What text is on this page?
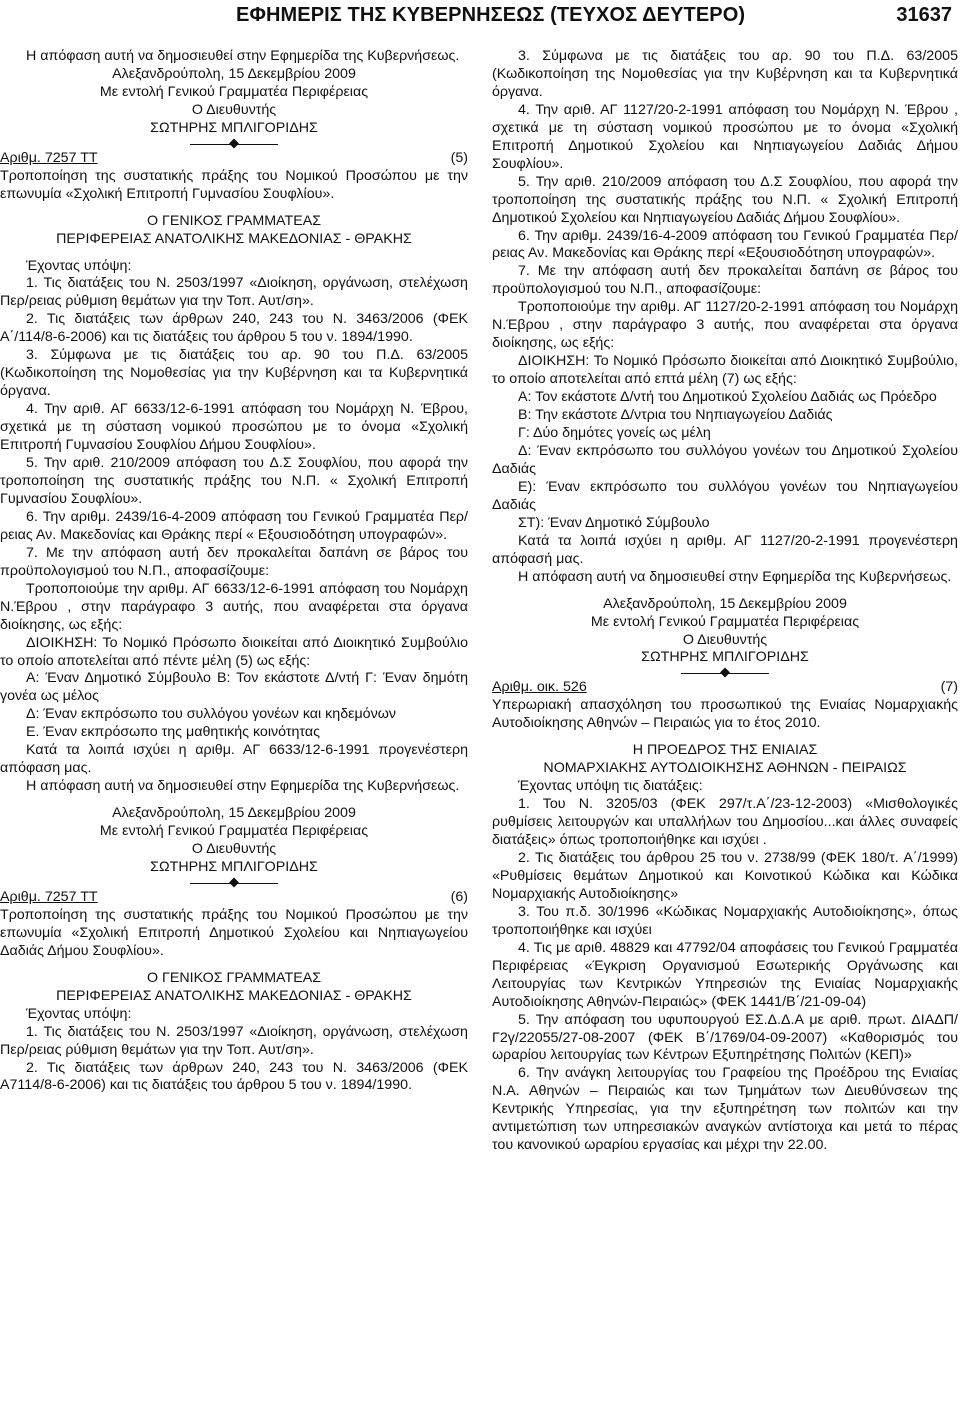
ΕΦΗΜΕΡΙΣ ΤΗΣ ΚΥΒΕΡΝΗΣΕΩΣ (ΤΕΥΧΟΣ ΔΕΥΤΕΡΟ)	31637

Η απόφαση αυτή να δημοσιευθεί στην Εφημερίδα της Κυβερνήσεως.

Αλεξανδρούπολη, 15 Δεκεμβρίου 2009

Με εντολή Γενικού Γραμματέα Περιφέρειας

Ο Διευθυντής

ΣΩΤΗΡΗΣ ΜΠΛΙΓΟΡΙΔΗΣ

Αριθμ. 7257 ΤΤ	(5)

Τροποποίηση της συστατικής πράξης του Νομικού Προσώπου με την επωνυμία «Σχολική Επιτροπή Γυμνασίου Σουφλίου».

Ο ΓΕΝΙΚΟΣ ΓΡΑΜΜΑΤΕΑΣ

ΠΕΡΙΦΕΡΕΙΑΣ ΑΝΑΤΟΛΙΚΗΣ ΜΑΚΕΔΟΝΙΑΣ - ΘΡΑΚΗΣ

Έχοντας υπόψη:

1. Τις διατάξεις του Ν. 2503/1997 «Διοίκηση, οργάνωση, στελέχωση Περ/ρειας ρύθμιση θεμάτων για την Τοπ. Αυτ/ση».

2. Τις διατάξεις των άρθρων 240, 243 του Ν. 3463/2006 (ΦΕΚ Α΄/114/8-6-2006) και τις διατάξεις του άρθρου 5 του ν. 1894/1990.

3. Σύμφωνα με τις διατάξεις του αρ. 90 του Π.Δ. 63/2005 (Κωδικοποίηση της Νομοθεσίας για την Κυβέρνηση και τα Κυβερνητικά όργανα.

4. Την αριθ. ΑΓ 6633/12-6-1991 απόφαση του Νομάρχη Ν. Έβρου, σχετικά με τη σύσταση νομικού προσώπου με το όνομα «Σχολική Επιτροπή Γυμνασίου Σουφλίου Δήμου Σουφλίου».

5. Την αριθ. 210/2009 απόφαση του Δ.Σ Σουφλίου, που αφορά την τροποποίηση της συστατικής πράξης του Ν.Π. « Σχολική Επιτροπή Γυμνασίου Σουφλίου».

6. Την αριθμ. 2439/16-4-2009 απόφαση του Γενικού Γραμματέα Περ/ρειας Αν. Μακεδονίας και Θράκης περί « Εξουσιοδότηση υπογραφών».

7. Με την απόφαση αυτή δεν προκαλείται δαπάνη σε βάρος του προϋπολογισμού του Ν.Π., αποφασίζουμε:

Τροποποιούμε την αριθμ. ΑΓ 6633/12-6-1991 απόφαση του Νομάρχη Ν.Έβρου , στην παράγραφο 3 αυτής, που αναφέρεται στα όργανα διοίκησης, ως εξής:

ΔΙΟΙΚΗΣΗ: Το Νομικό Πρόσωπο διοικείται από Διοικητικό Συμβούλιο το οποίο αποτελείται από πέντε μέλη (5) ως εξής:

Α: Έναν Δημοτικό Σύμβουλο Β: Τον εκάστοτε Δ/ντή Γ: Έναν δημότη γονέα ως μέλος

Δ: Έναν εκπρόσωπο του συλλόγου γονέων και κηδεμόνων

Ε. Έναν εκπρόσωπο της μαθητικής κοινότητας

Κατά τα λοιπά ισχύει η αριθμ. ΑΓ 6633/12-6-1991 προγενέστερη απόφαση μας.

Η απόφαση αυτή να δημοσιευθεί στην Εφημερίδα της Κυβερνήσεως.

Αλεξανδρούπολη, 15 Δεκεμβρίου 2009

Με εντολή Γενικού Γραμματέα Περιφέρειας

Ο Διευθυντής

ΣΩΤΗΡΗΣ ΜΠΛΙΓΟΡΙΔΗΣ

Αριθμ. 7257 ΤΤ	(6)

Τροποποίηση της συστατικής πράξης του Νομικού Προσώπου με την επωνυμία «Σχολική Επιτροπή Δημοτικού Σχολείου και Νηπιαγωγείου Δαδιάς Δήμου Σουφλίου».

Ο ΓΕΝΙΚΟΣ ΓΡΑΜΜΑΤΕΑΣ

ΠΕΡΙΦΕΡΕΙΑΣ ΑΝΑΤΟΛΙΚΗΣ ΜΑΚΕΔΟΝΙΑΣ - ΘΡΑΚΗΣ

Έχοντας υπόψη:

1. Τις διατάξεις του Ν. 2503/1997 «Διοίκηση, οργάνωση, στελέχωση Περ/ρειας ρύθμιση θεμάτων για την Τοπ. Αυτ/ση».

2. Τις διατάξεις των άρθρων 240, 243 του Ν. 3463/2006 (ΦΕΚ Α7114/8-6-2006) και τις διατάξεις του άρθρου 5 του ν. 1894/1990.

3. Σύμφωνα με τις διατάξεις του αρ. 90 του Π.Δ. 63/2005 (Κωδικοποίηση της Νομοθεσίας για την Κυβέρνηση και τα Κυβερνητικά όργανα.

4. Την αριθ. ΑΓ 1127/20-2-1991 απόφαση του Νομάρχη Ν. Έβρου , σχετικά με τη σύσταση νομικού προσώπου με το όνομα «Σχολική Επιτροπή Δημοτικού Σχολείου και Νηπιαγωγείου Δαδιάς Δήμου Σουφλίου».

5. Την αριθ. 210/2009 απόφαση του Δ.Σ Σουφλίου, που αφορά την τροποποίηση της συστατικής πράξης του Ν.Π. « Σχολική Επιτροπή Δημοτικού Σχολείου και Νηπιαγωγείου Δαδιάς Δήμου Σουφλίου».

6. Την αριθμ. 2439/16-4-2009 απόφαση του Γενικού Γραμματέα Περ/ρειας Αν. Μακεδονίας και Θράκης περί «Εξουσιοδότηση υπογραφών».

7. Με την απόφαση αυτή δεν προκαλείται δαπάνη σε βάρος του προϋπολογισμού του Ν.Π., αποφασίζουμε:

Τροποποιούμε την αριθμ. ΑΓ 1127/20-2-1991 απόφαση του Νομάρχη Ν.Έβρου , στην παράγραφο 3 αυτής, που αναφέρεται στα όργανα διοίκησης, ως εξής:

ΔΙΟΙΚΗΣΗ: Το Νομικό Πρόσωπο διοικείται από Διοικητικό Συμβούλιο, το οποίο αποτελείται από επτά μέλη (7) ως εξής:

Α: Τον εκάστοτε Δ/ντή του Δημοτικού Σχολείου Δαδιάς ως Πρόεδρο

Β: Την εκάστοτε Δ/ντρια του Νηπιαγωγείου Δαδιάς

Γ: Δύο δημότες γονείς ως μέλη

Δ: Έναν εκπρόσωπο του συλλόγου γονέων του Δημοτικού Σχολείου Δαδιάς

Ε): Έναν εκπρόσωπο του συλλόγου γονέων του Νηπιαγωγείου Δαδιάς

ΣΤ): Έναν Δημοτικό Σύμβουλο

Κατά τα λοιπά ισχύει η αριθμ. ΑΓ 1127/20-2-1991 προγενέστερη απόφασή μας.

Η απόφαση αυτή να δημοσιευθεί στην Εφημερίδα της Κυβερνήσεως.

Αλεξανδρούπολη, 15 Δεκεμβρίου 2009

Με εντολή Γενικού Γραμματέα Περιφέρειας

Ο Διευθυντής

ΣΩΤΗΡΗΣ ΜΠΛΙΓΟΡΙΔΗΣ

Αριθμ. οικ. 526	(7)

Υπερωριακή απασχόληση του προσωπικού της Ενιαίας Νομαρχιακής Αυτοδιοίκησης Αθηνών – Πειραιώς για το έτος 2010.

Η ΠΡΟΕΔΡΟΣ ΤΗΣ ΕΝΙΑΙΑΣ

ΝΟΜΑΡΧΙΑΚΗΣ ΑΥΤΟΔΙΟΙΚΗΣΗΣ ΑΘΗΝΩΝ - ΠΕΙΡΑΙΩΣ

Έχοντας υπόψη τις διατάξεις:

1. Του Ν. 3205/03 (ΦΕΚ 297/τ.Α΄/23-12-2003) «Μισθολογικές ρυθμίσεις λειτουργών και υπαλλήλων του Δημοσίου...και άλλες συναφείς διατάξεις» όπως τροποποιήθηκε και ισχύει .

2. Τις διατάξεις του άρθρου 25 του ν. 2738/99 (ΦΕΚ 180/τ. Α΄/1999) «Ρυθμίσεις θεμάτων Δημοτικού και Κοινοτικού Κώδικα και Κώδικα Νομαρχιακής Αυτοδιοίκησης»

3. Του π.δ. 30/1996 «Κώδικας Νομαρχιακής Αυτοδιοίκησης», όπως τροποποιήθηκε και ισχύει

4. Τις με αριθ. 48829 και 47792/04 αποφάσεις του Γενικού Γραμματέα Περιφέρειας «Έγκριση Οργανισμού Εσωτερικής Οργάνωσης και Λειτουργίας των Κεντρικών Υπηρεσιών της Ενιαίας Νομαρχιακής Αυτοδιοίκησης Αθηνών-Πειραιώς» (ΦΕΚ 1441/Β΄/21-09-04)

5. Την απόφαση του υφυπουργού ΕΣ.Δ.Δ.Α με αριθ. πρωτ. ΔΙΑΔΠ/Γ2γ/22055/27-08-2007 (ΦΕΚ Β΄/1769/04-09-2007) «Καθορισμός του ωραρίου λειτουργίας των Κέντρων Εξυπηρέτησης Πολιτών (ΚΕΠ)»

6. Την ανάγκη λειτουργίας του Γραφείου της Προέδρου της Ενιαίας Ν.Α. Αθηνών – Πειραιώς και των Τμημάτων των Διευθύνσεων της Κεντρικής Υπηρεσίας, για την εξυπηρέτηση των πολιτών και την αντιμετώπιση των υπηρεσιακών αναγκών αντίστοιχα και μετά το πέρας του κανονικού ωραρίου εργασίας και μέχρι την 22.00.
